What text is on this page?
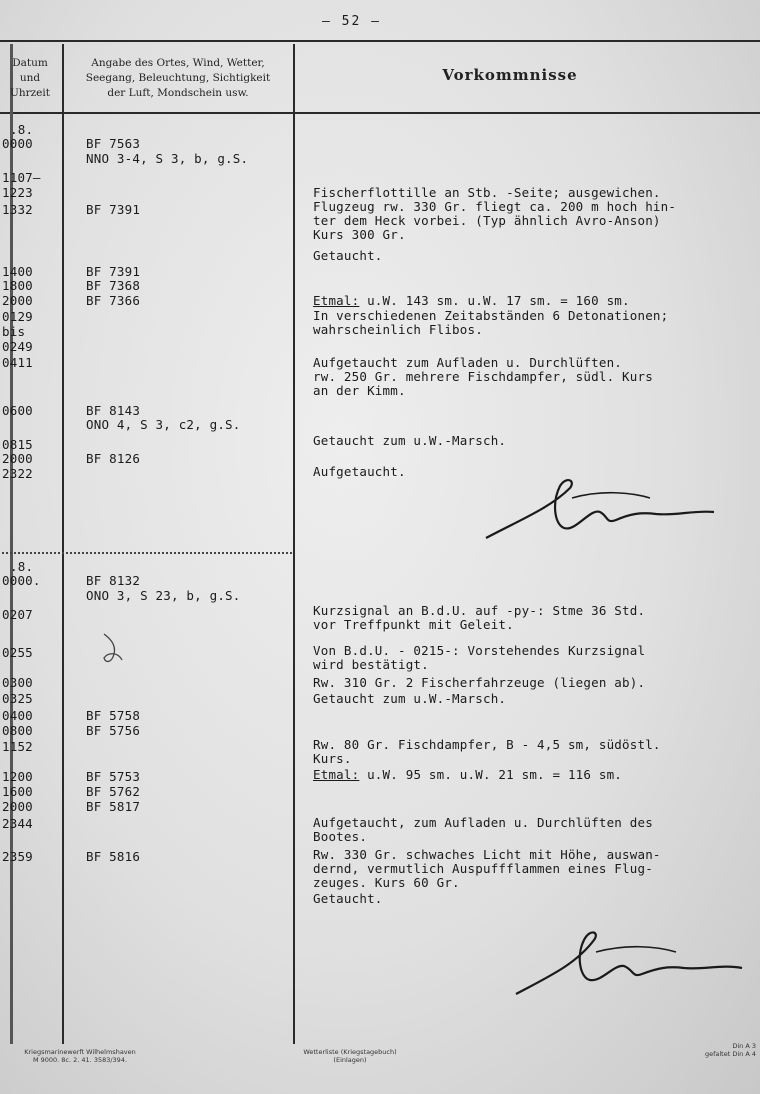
– 52 –
Datum
und
Uhrzeit
Angabe des Ortes, Wind, Wetter,
Seegang, Beleuchtung, Sichtigkeit
der Luft, Mondschein usw.
Vorkommnisse
.8.
0000
1107–
1223
1332
1400
1800
2000
0129
bis
0249
0411
0600
0815
2000
2322
.8.
0000.
0207
0255
0300
0325
0400
0800
1152
1200
1600
2000
2344
2359
BF 7563
NNO 3-4, S 3, b, g.S.
BF 7391
BF 7391
BF 7368
BF 7366
BF 8143
ONO 4, S 3, c2, g.S.
BF 8126
BF 8132
ONO 3, S 23, b, g.S.
BF 5758
BF 5756
BF 5753
BF 5762
BF 5817
BF 5816
Fischerflottille an Stb. -Seite; ausgewichen.
Flugzeug rw. 330 Gr. fliegt ca. 200 m hoch hin-
ter dem Heck vorbei. (Typ ähnlich Avro-Anson)
Kurs 300 Gr.
Getaucht.
Etmal: u.W. 143 sm. u.W. 17 sm. = 160 sm.
In verschiedenen Zeitabständen 6 Detonationen;
wahrscheinlich Flibos.
Aufgetaucht zum Aufladen u. Durchlüften.
rw. 250 Gr. mehrere Fischdampfer, südl. Kurs
an der Kimm.
Getaucht zum u.W.-Marsch.
Aufgetaucht.
Kurzsignal an B.d.U. auf -py-: Stme 36 Std.
vor Treffpunkt mit Geleit.
Von B.d.U. - 0215-: Vorstehendes Kurzsignal
wird bestätigt.
Rw. 310 Gr. 2 Fischerfahrzeuge (liegen ab).
Getaucht zum u.W.-Marsch.
Rw. 80 Gr. Fischdampfer, B - 4,5 sm, südöstl.
Kurs.
Etmal: u.W. 95 sm. u.W. 21 sm. = 116 sm.
Aufgetaucht, zum Aufladen u. Durchlüften des
Bootes.
Rw. 330 Gr. schwaches Licht mit Höhe, auswan-
dernd, vermutlich Auspuffflammen eines Flug-
zeuges. Kurs 60 Gr.
Getaucht.
Kriegsmarinewerft Wilhelmshaven
M 9000. 8c. 2. 41. 3583/394.
Wetterliste (Kriegstagebuch)
(Einlagen)
Din A 3
gefaltet Din A 4
